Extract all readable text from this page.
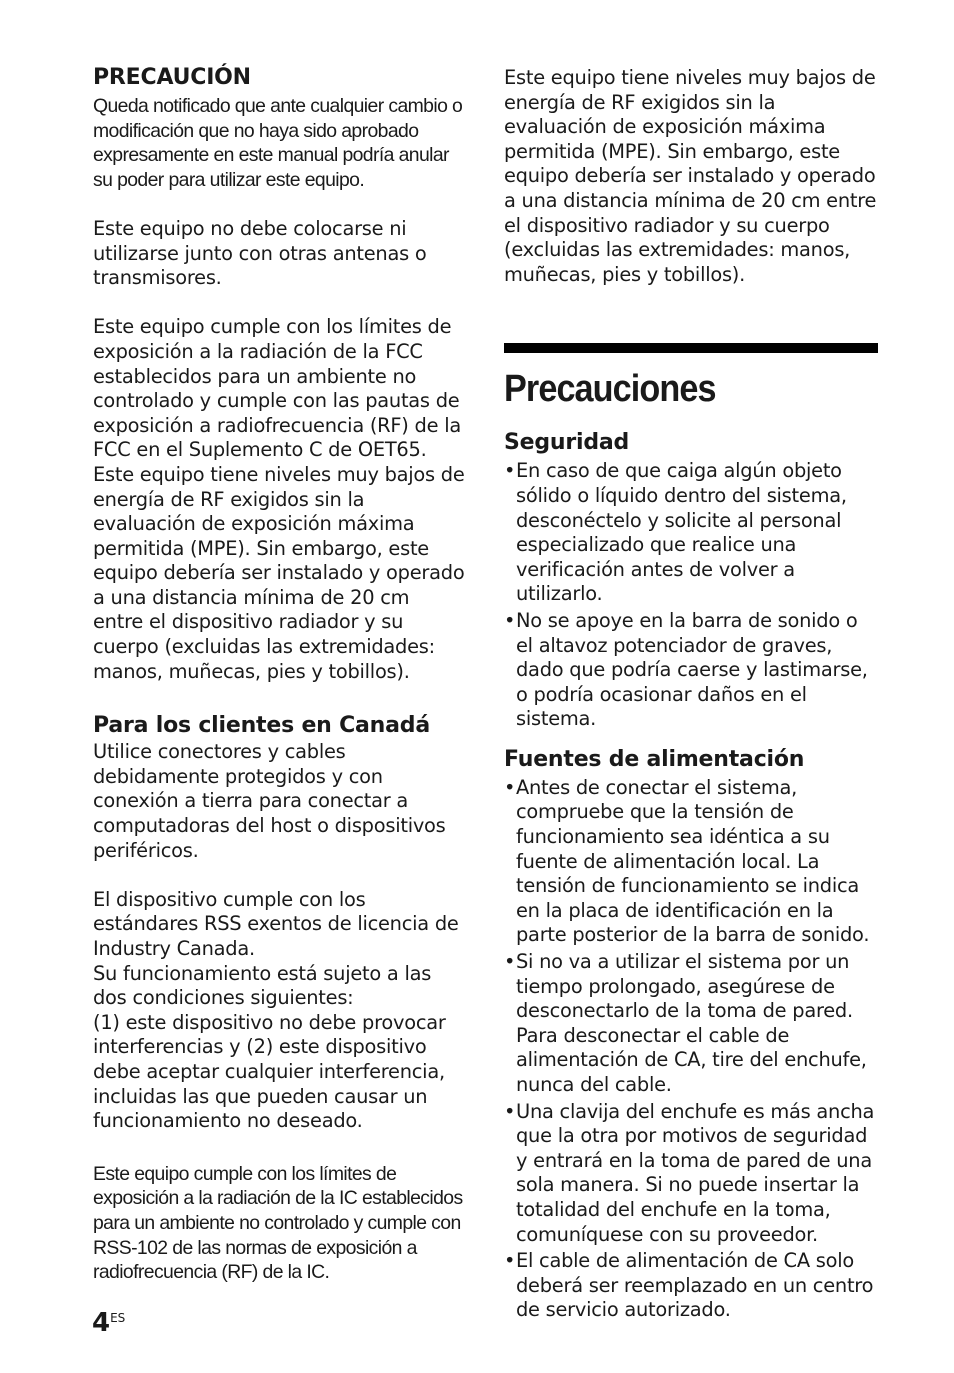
PRECAUCIÓN

Queda notificado que ante cualquier cambio o modificación que no haya sido aprobado expresamente en este manual podría anular su poder para utilizar este equipo.

Este equipo no debe colocarse ni utilizarse junto con otras antenas o transmisores.

Este equipo cumple con los límites de exposición a la radiación de la FCC establecidos para un ambiente no controlado y cumple con las pautas de exposición a radiofrecuencia (RF) de la FCC en el Suplemento C de OET65. Este equipo tiene niveles muy bajos de energía de RF exigidos sin la evaluación de exposición máxima permitida (MPE). Sin embargo, este equipo debería ser instalado y operado a una distancia mínima de 20 cm entre el dispositivo radiador y su cuerpo (excluidas las extremidades: manos, muñecas, pies y tobillos).

Para los clientes en Canadá

Utilice conectores y cables debidamente protegidos y con conexión a tierra para conectar a computadoras del host o dispositivos periféricos.

El dispositivo cumple con los estándares RSS exentos de licencia de Industry Canada.

Su funcionamiento está sujeto a las dos condiciones siguientes:

(1) este dispositivo no debe provocar interferencias y (2) este dispositivo debe aceptar cualquier interferencia, incluidas las que pueden causar un funcionamiento no deseado.

Este equipo cumple con los límites de exposición a la radiación de la IC establecidos para un ambiente no controlado y cumple con RSS-102 de las normas de exposición a radiofrecuencia (RF) de la IC.

Este equipo tiene niveles muy bajos de energía de RF exigidos sin la evaluación de exposición máxima permitida (MPE). Sin embargo, este equipo debería ser instalado y operado a una distancia mínima de 20 cm entre el dispositivo radiador y su cuerpo (excluidas las extremidades: manos, muñecas, pies y tobillos).

Precauciones
Seguridad
• En caso de que caiga algún objeto sólido o líquido dentro del sistema, desconéctelo y solicite al personal especializado que realice una verificación antes de volver a utilizarlo.
• No se apoye en la barra de sonido o el altavoz potenciador de graves, dado que podría caerse y lastimarse, o podría ocasionar daños en el sistema.
Fuentes de alimentación
• Antes de conectar el sistema, compruebe que la tensión de funcionamiento sea idéntica a su fuente de alimentación local. La tensión de funcionamiento se indica en la placa de identificación en la parte posterior de la barra de sonido.
• Si no va a utilizar el sistema por un tiempo prolongado, asegúrese de desconectarlo de la toma de pared. Para desconectar el cable de alimentación de CA, tire del enchufe, nunca del cable.
• Una clavija del enchufe es más ancha que la otra por motivos de seguridad y entrará en la toma de pared de una sola manera. Si no puede insertar la totalidad del enchufe en la toma, comuníquese con su proveedor.
• El cable de alimentación de CA solo deberá ser reemplazado en un centro de servicio autorizado.
$4^{ES}$
